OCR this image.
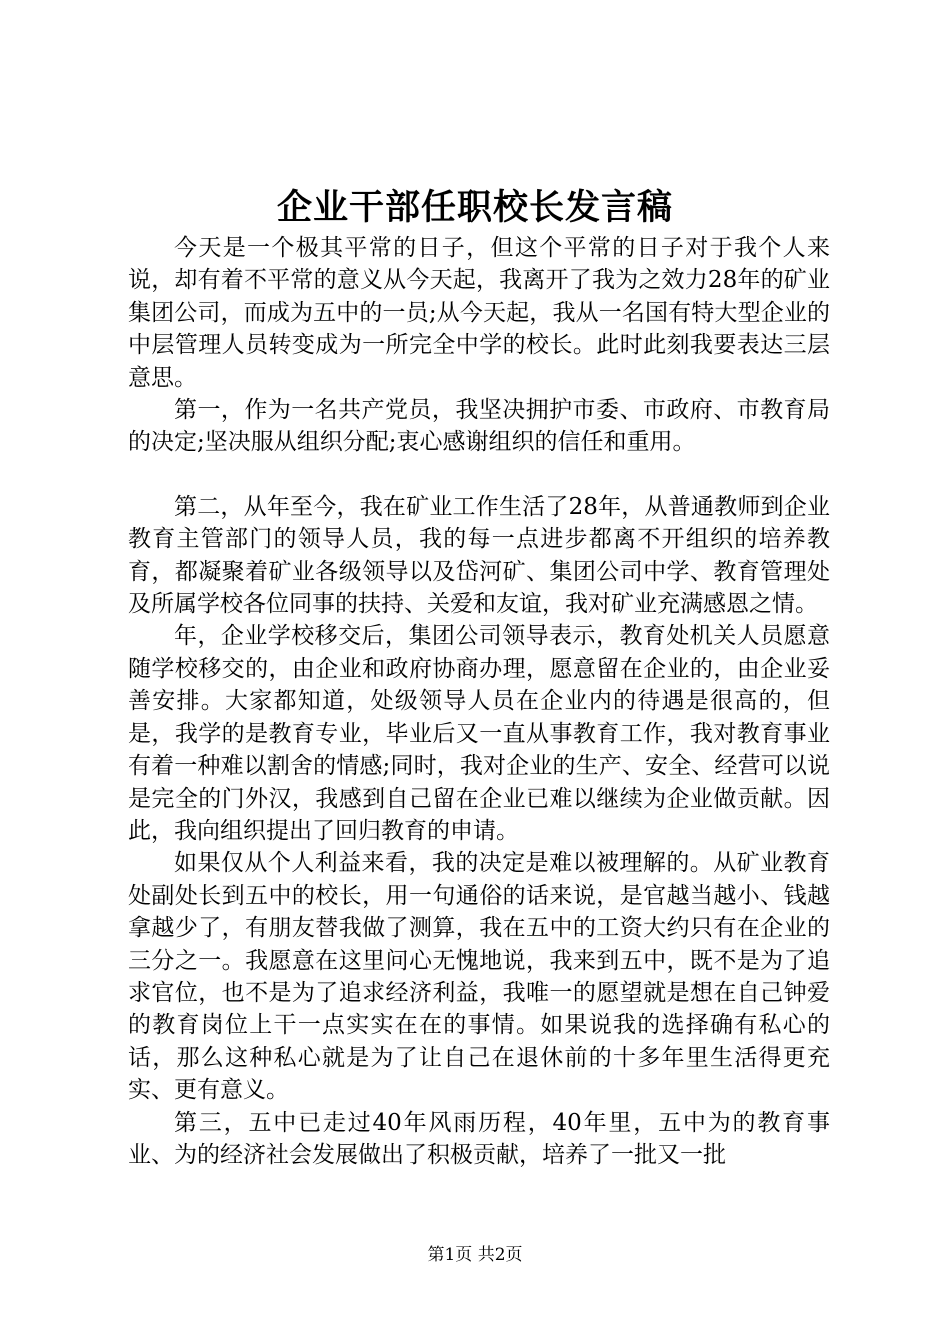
企业干部任职校长发言稿

今天是一个极其平常的日子，但这个平常的日子对于我个人来说，却有着不平常的意义从今天起，我离开了我为之效力28年的矿业集团公司，而成为五中的一员;从今天起，我从一名国有特大型企业的中层管理人员转变成为一所完全中学的校长。此时此刻我要表达三层意思。

第一，作为一名共产党员，我坚决拥护市委、市政府、市教育局的决定;坚决服从组织分配;衷心感谢组织的信任和重用。

第二，从年至今，我在矿业工作生活了28年，从普通教师到企业教育主管部门的领导人员，我的每一点进步都离不开组织的培养教育，都凝聚着矿业各级领导以及岱河矿、集团公司中学、教育管理处及所属学校各位同事的扶持、关爱和友谊，我对矿业充满感恩之情。

年，企业学校移交后，集团公司领导表示，教育处机关人员愿意随学校移交的，由企业和政府协商办理，愿意留在企业的，由企业妥善安排。大家都知道，处级领导人员在企业内的待遇是很高的，但是，我学的是教育专业，毕业后又一直从事教育工作，我对教育事业有着一种难以割舍的情感;同时，我对企业的生产、安全、经营可以说是完全的门外汉，我感到自己留在企业已难以继续为企业做贡献。因此，我向组织提出了回归教育的申请。

如果仅从个人利益来看，我的决定是难以被理解的。从矿业教育处副处长到五中的校长，用一句通俗的话来说，是官越当越小、钱越拿越少了，有朋友替我做了测算，我在五中的工资大约只有在企业的三分之一。我愿意在这里问心无愧地说，我来到五中，既不是为了追求官位，也不是为了追求经济利益，我唯一的愿望就是想在自己钟爱的教育岗位上干一点实实在在的事情。如果说我的选择确有私心的话，那么这种私心就是为了让自己在退休前的十多年里生活得更充实、更有意义。

第三，五中已走过40年风雨历程，40年里，五中为的教育事业、为的经济社会发展做出了积极贡献，培养了一批又一批

第1页 共2页
